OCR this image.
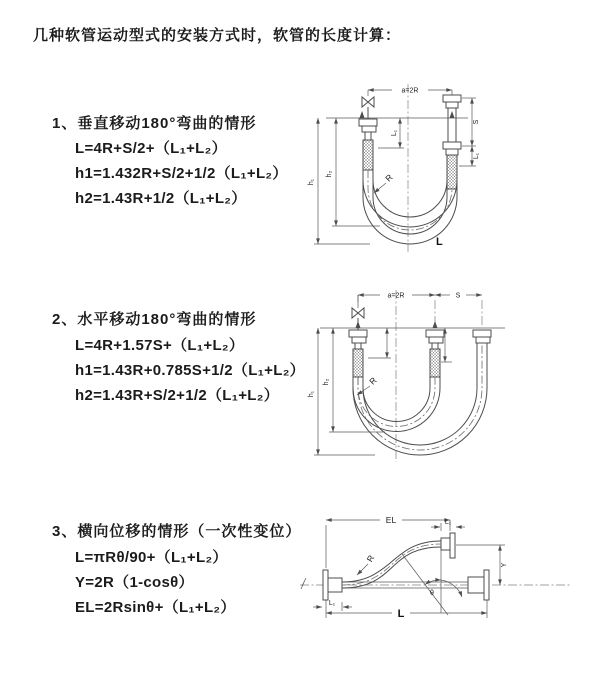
几种软管运动型式的安装方式时，软管的长度计算：
1、垂直移动180°弯曲的情形
L=4R+S/2+（L₁+L₂）
h1=1.432R+S/2+1/2（L₁+L₂）
h2=1.43R+1/2（L₁+L₂）
2、水平移动180°弯曲的情形
L=4R+1.57S+（L₁+L₂）
h1=1.43R+0.785S+1/2（L₁+L₂）
h2=1.43R+S/2+1/2（L₁+L₂）
3、横向位移的情形（一次性变位）
L=πRθ/90+（L₁+L₂）
Y=2R（1-cosθ）
EL=2Rsinθ+（L₁+L₂）
a=2R
h₁
h₂
L₁
S
L₁
R
L
a=2R	S
h₁
h₂	R
EL	L₁
Y
θ
R
L₁
L
